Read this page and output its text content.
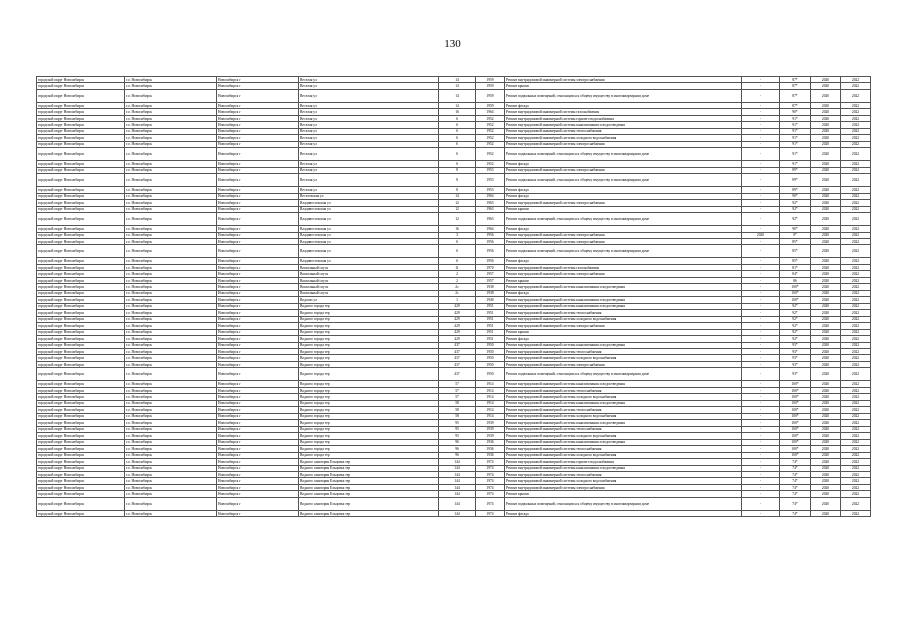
130
городской округ Новосибирск	г.о. Новосибирск	Новосибирск г	Веселая ул	14	1959	Ремонт внутридомовой инженерной системы электроснабжения	-	87*	2020	2022
городской округ Новосибирск	г.о. Новосибирск	Новосибирск г	Веселая ул	14	1959	Ремонт крыши	-	87*	2020	2022
городской округ Новосибирск	г.о. Новосибирск	Новосибирск г	Веселая ул	14	1959	Ремонт подвальных помещений, относящихся к общему имуществу в многоквартирном доме	-	87*	2020	2022
городской округ Новосибирск	г.о. Новосибирск	Новосибирск г	Веселая ул	14	1959	Ремонт фасада	-	87*	2020	2022
городской округ Новосибирск	г.о. Новосибирск	Новосибирск г	Веселая ул	16	1964	Ремонт внутридомовой инженерной системы газоснабжения	-	90*	2020	2022
городской округ Новосибирск	г.о. Новосибирск	Новосибирск г	Веселая ул	6	1952	Ремонт внутридомовой инженерной системы горячего водоснабжения	-	91*	2020	2022
городской округ Новосибирск	г.о. Новосибирск	Новосибирск г	Веселая ул	6	1952	Ремонт внутридомовой инженерной системы канализования и водоотведения	-	91*	2020	2022
городской округ Новосибирск	г.о. Новосибирск	Новосибирск г	Веселая ул	6	1952	Ремонт внутридомовой инженерной системы теплоснабжения	-	91*	2020	2022
городской округ Новосибирск	г.о. Новосибирск	Новосибирск г	Веселая ул	6	1952	Ремонт внутридомовой инженерной системы холодного водоснабжения	-	91*	2020	2022
городской округ Новосибирск	г.о. Новосибирск	Новосибирск г	Веселая ул	6	1952	Ремонт внутридомовой инженерной системы электроснабжения	-	91*	2020	2022
городской округ Новосибирск	г.о. Новосибирск	Новосибирск г	Веселая ул	6	1952	Ремонт подвальных помещений, относящихся к общему имуществу в многоквартирном доме	-	91*	2020	2022
городской округ Новосибирск	г.о. Новосибирск	Новосибирск г	Веселая ул	6	1952	Ремонт фасада	-	91*	2020	2022
городской округ Новосибирск	г.о. Новосибирск	Новосибирск г	Веселая ул	8	1953	Ремонт внутридомовой инженерной системы электроснабжения	-	89*	2020	2022
городской округ Новосибирск	г.о. Новосибирск	Новосибирск г	Веселая ул	8	1953	Ремонт подвальных помещений, относящихся к общему имуществу в многоквартирном доме	-	89*	2020	2022
городской округ Новосибирск	г.о. Новосибирск	Новосибирск г	Веселая ул	8	1953	Ремонт фасада	-	89*	2020	2022
городской округ Новосибирск	г.о. Новосибирск	Новосибирск г	Веселовская ул	14	1964	Ремонт фасада	-	90*	2020	2022
городской округ Новосибирск	г.о. Новосибирск	Новосибирск г	Владивостокская ул	12	1963	Ремонт внутридомовой инженерной системы электроснабжения	-	92*	2020	2022
городской округ Новосибирск	г.о. Новосибирск	Новосибирск г	Владивостокская ул	12	1963	Ремонт крыши	-	92*	2020	2022
городской округ Новосибирск	г.о. Новосибирск	Новосибирск г	Владивостокская ул	12	1963	Ремонт подвальных помещений, относящихся к общему имуществу в многоквартирном доме	-	92*	2020	2022
городской округ Новосибирск	г.о. Новосибирск	Новосибирск г	Владивостокская ул	16	1964	Ремонт фасада	-	90*	2020	2022
городской округ Новосибирск	г.о. Новосибирск	Новосибирск г	Владивостокская ул	3	1956	Ремонт внутридомовой инженерной системы электроснабжения	2020	0*	2020	2022
городской округ Новосибирск	г.о. Новосибирск	Новосибирск г	Владивостокская ул	6	1956	Ремонт внутридомовой инженерной системы электроснабжения	-	85*	2020	2022
городской округ Новосибирск	г.о. Новосибирск	Новосибирск г	Владивостокская ул	6	1956	Ремонт подвальных помещений, относящихся к общему имуществу в многоквартирном доме	-	85*	2020	2022
городской округ Новосибирск	г.о. Новосибирск	Новосибирск г	Владивостокская ул	6	1956	Ремонт фасада	-	85*	2020	2022
городской округ Новосибирск	г.о. Новосибирск	Новосибирск г	Вокзальный спуск	11	1970	Ремонт внутридомовой инженерной системы газоснабжения	-	81*	2020	2022
городской округ Новосибирск	г.о. Новосибирск	Новосибирск г	Вокзальный спуск	2	1957	Ремонт внутридомовой инженерной системы электроснабжения	-	84*	2020	2022
городской округ Новосибирск	г.о. Новосибирск	Новосибирск г	Вокзальный спуск	2	1957	Ремонт крыши	-	86	2020	2022
городской округ Новосибирск	г.о. Новосибирск	Новосибирск г	Вокзальный спуск	2с	1938	Ремонт внутридомовой инженерной системы канализования и водоотведения	-	100*	2020	2022
городской округ Новосибирск	г.о. Новосибирск	Новосибирск г	Вокзальный спуск	2с	1938	Ремонт фасада	-	100*	2020	2022
городской округ Новосибирск	г.о. Новосибирск	Новосибирск г	Водолаз ул	1	1940	Ремонт внутридомовой инженерной системы канализования и водоотведения	-	100*	2020	2022
городской округ Новосибирск	г.о. Новосибирск	Новосибирск г	Водного города тер	429	1951	Ремонт внутридомовой инженерной системы канализования и водоотведения	-	92*	2020	2022
городской округ Новосибирск	г.о. Новосибирск	Новосибирск г	Водного города тер	429	1951	Ремонт внутридомовой инженерной системы теплоснабжения	-	92*	2020	2022
городской округ Новосибирск	г.о. Новосибирск	Новосибирск г	Водного города тер	429	1951	Ремонт внутридомовой инженерной системы холодного водоснабжения	-	92*	2020	2022
городской округ Новосибирск	г.о. Новосибирск	Новосибирск г	Водного города тер	429	1951	Ремонт внутридомовой инженерной системы электроснабжения	-	92*	2020	2022
городской округ Новосибирск	г.о. Новосибирск	Новосибирск г	Водного города тер	429	1951	Ремонт крыши	-	92*	2020	2022
городской округ Новосибирск	г.о. Новосибирск	Новосибирск г	Водного города тер	429	1951	Ремонт фасада	-	92*	2020	2022
городской округ Новосибирск	г.о. Новосибирск	Новосибирск г	Водного города тер	437	1950	Ремонт внутридомовой инженерной системы канализования и водоотведения	-	93*	2020	2022
городской округ Новосибирск	г.о. Новосибирск	Новосибирск г	Водного города тер	437	1950	Ремонт внутридомовой инженерной системы теплоснабжения	-	93*	2020	2022
городской округ Новосибирск	г.о. Новосибирск	Новосибирск г	Водного города тер	437	1950	Ремонт внутридомовой инженерной системы холодного водоснабжения	-	93*	2020	2022
городской округ Новосибирск	г.о. Новосибирск	Новосибирск г	Водного города тер	437	1950	Ремонт внутридомовой инженерной системы электроснабжения	-	93*	2020	2022
городской округ Новосибирск	г.о. Новосибирск	Новосибирск г	Водного города тер	437	1950	Ремонт подвальных помещений, относящихся к общему имуществу в многоквартирном доме	-	93*	2020	2022
городской округ Новосибирск	г.о. Новосибирск	Новосибирск г	Водного города тер	57	1914	Ремонт внутридомовой инженерной системы канализования и водоотведения	-	100*	2020	2022
городской округ Новосибирск	г.о. Новосибирск	Новосибирск г	Водного города тер	57	1914	Ремонт внутридомовой инженерной системы теплоснабжения	-	100*	2020	2022
городской округ Новосибирск	г.о. Новосибирск	Новосибирск г	Водного города тер	57	1914	Ремонт внутридомовой инженерной системы холодного водоснабжения	-	100*	2020	2022
городской округ Новосибирск	г.о. Новосибирск	Новосибирск г	Водного города тер	58	1914	Ремонт внутридомовой инженерной системы канализования и водоотведения	-	100*	2020	2022
городской округ Новосибирск	г.о. Новосибирск	Новосибирск г	Водного города тер	58	1914	Ремонт внутридомовой инженерной системы теплоснабжения	-	100*	2020	2022
городской округ Новосибирск	г.о. Новосибирск	Новосибирск г	Водного города тер	58	1914	Ремонт внутридомовой инженерной системы холодного водоснабжения	-	100*	2020	2022
городской округ Новосибирск	г.о. Новосибирск	Новосибирск г	Водного города тер	95	1939	Ремонт внутридомовой инженерной системы канализования и водоотведения	-	100*	2020	2022
городской округ Новосибирск	г.о. Новосибирск	Новосибирск г	Водного города тер	95	1939	Ремонт внутридомовой инженерной системы теплоснабжения	-	100*	2020	2022
городской округ Новосибирск	г.о. Новосибирск	Новосибирск г	Водного города тер	95	1939	Ремонт внутридомовой инженерной системы холодного водоснабжения	-	100*	2020	2022
городской округ Новосибирск	г.о. Новосибирск	Новосибирск г	Водного города тер	96	1936	Ремонт внутридомовой инженерной системы канализования и водоотведения	-	100*	2020	2022
городской округ Новосибирск	г.о. Новосибирск	Новосибирск г	Водного города тер	96	1936	Ремонт внутридомовой инженерной системы теплоснабжения	-	100*	2020	2022
городской округ Новосибирск	г.о. Новосибирск	Новосибирск г	Водного города тер	96	1936	Ремонт внутридомовой инженерной системы холодного водоснабжения	-	100*	2020	2022
городской округ Новосибирск	г.о. Новосибирск	Новосибирск г	Водного санатория Ельцовка тер	144	1974	Ремонт внутридомовой инженерной системы горячего водоснабжения	-	74*	2020	2022
городской округ Новосибирск	г.о. Новосибирск	Новосибирск г	Водного санатория Ельцовка тер	144	1974	Ремонт внутридомовой инженерной системы канализования и водоотведения	-	74*	2020	2022
городской округ Новосибирск	г.о. Новосибирск	Новосибирск г	Водного санатория Ельцовка тер	144	1974	Ремонт внутридомовой инженерной системы теплоснабжения	-	74*	2020	2022
городской округ Новосибирск	г.о. Новосибирск	Новосибирск г	Водного санатория Ельцовка тер	144	1974	Ремонт внутридомовой инженерной системы холодного водоснабжения	-	74*	2020	2022
городской округ Новосибирск	г.о. Новосибирск	Новосибирск г	Водного санатория Ельцовка тер	144	1974	Ремонт внутридомовой инженерной системы электроснабжения	-	74*	2020	2022
городской округ Новосибирск	г.о. Новосибирск	Новосибирск г	Водного санатория Ельцовка тер	144	1974	Ремонт крыши	-	74*	2020	2022
городской округ Новосибирск	г.о. Новосибирск	Новосибирск г	Водного санатория Ельцовка тер	144	1974	Ремонт подвальных помещений, относящихся к общему имуществу в многоквартирном доме	-	74*	2020	2022
городской округ Новосибирск	г.о. Новосибирск	Новосибирск г	Водного санатория Ельцовка тер	144	1974	Ремонт фасада	-	74*	2020	2022
